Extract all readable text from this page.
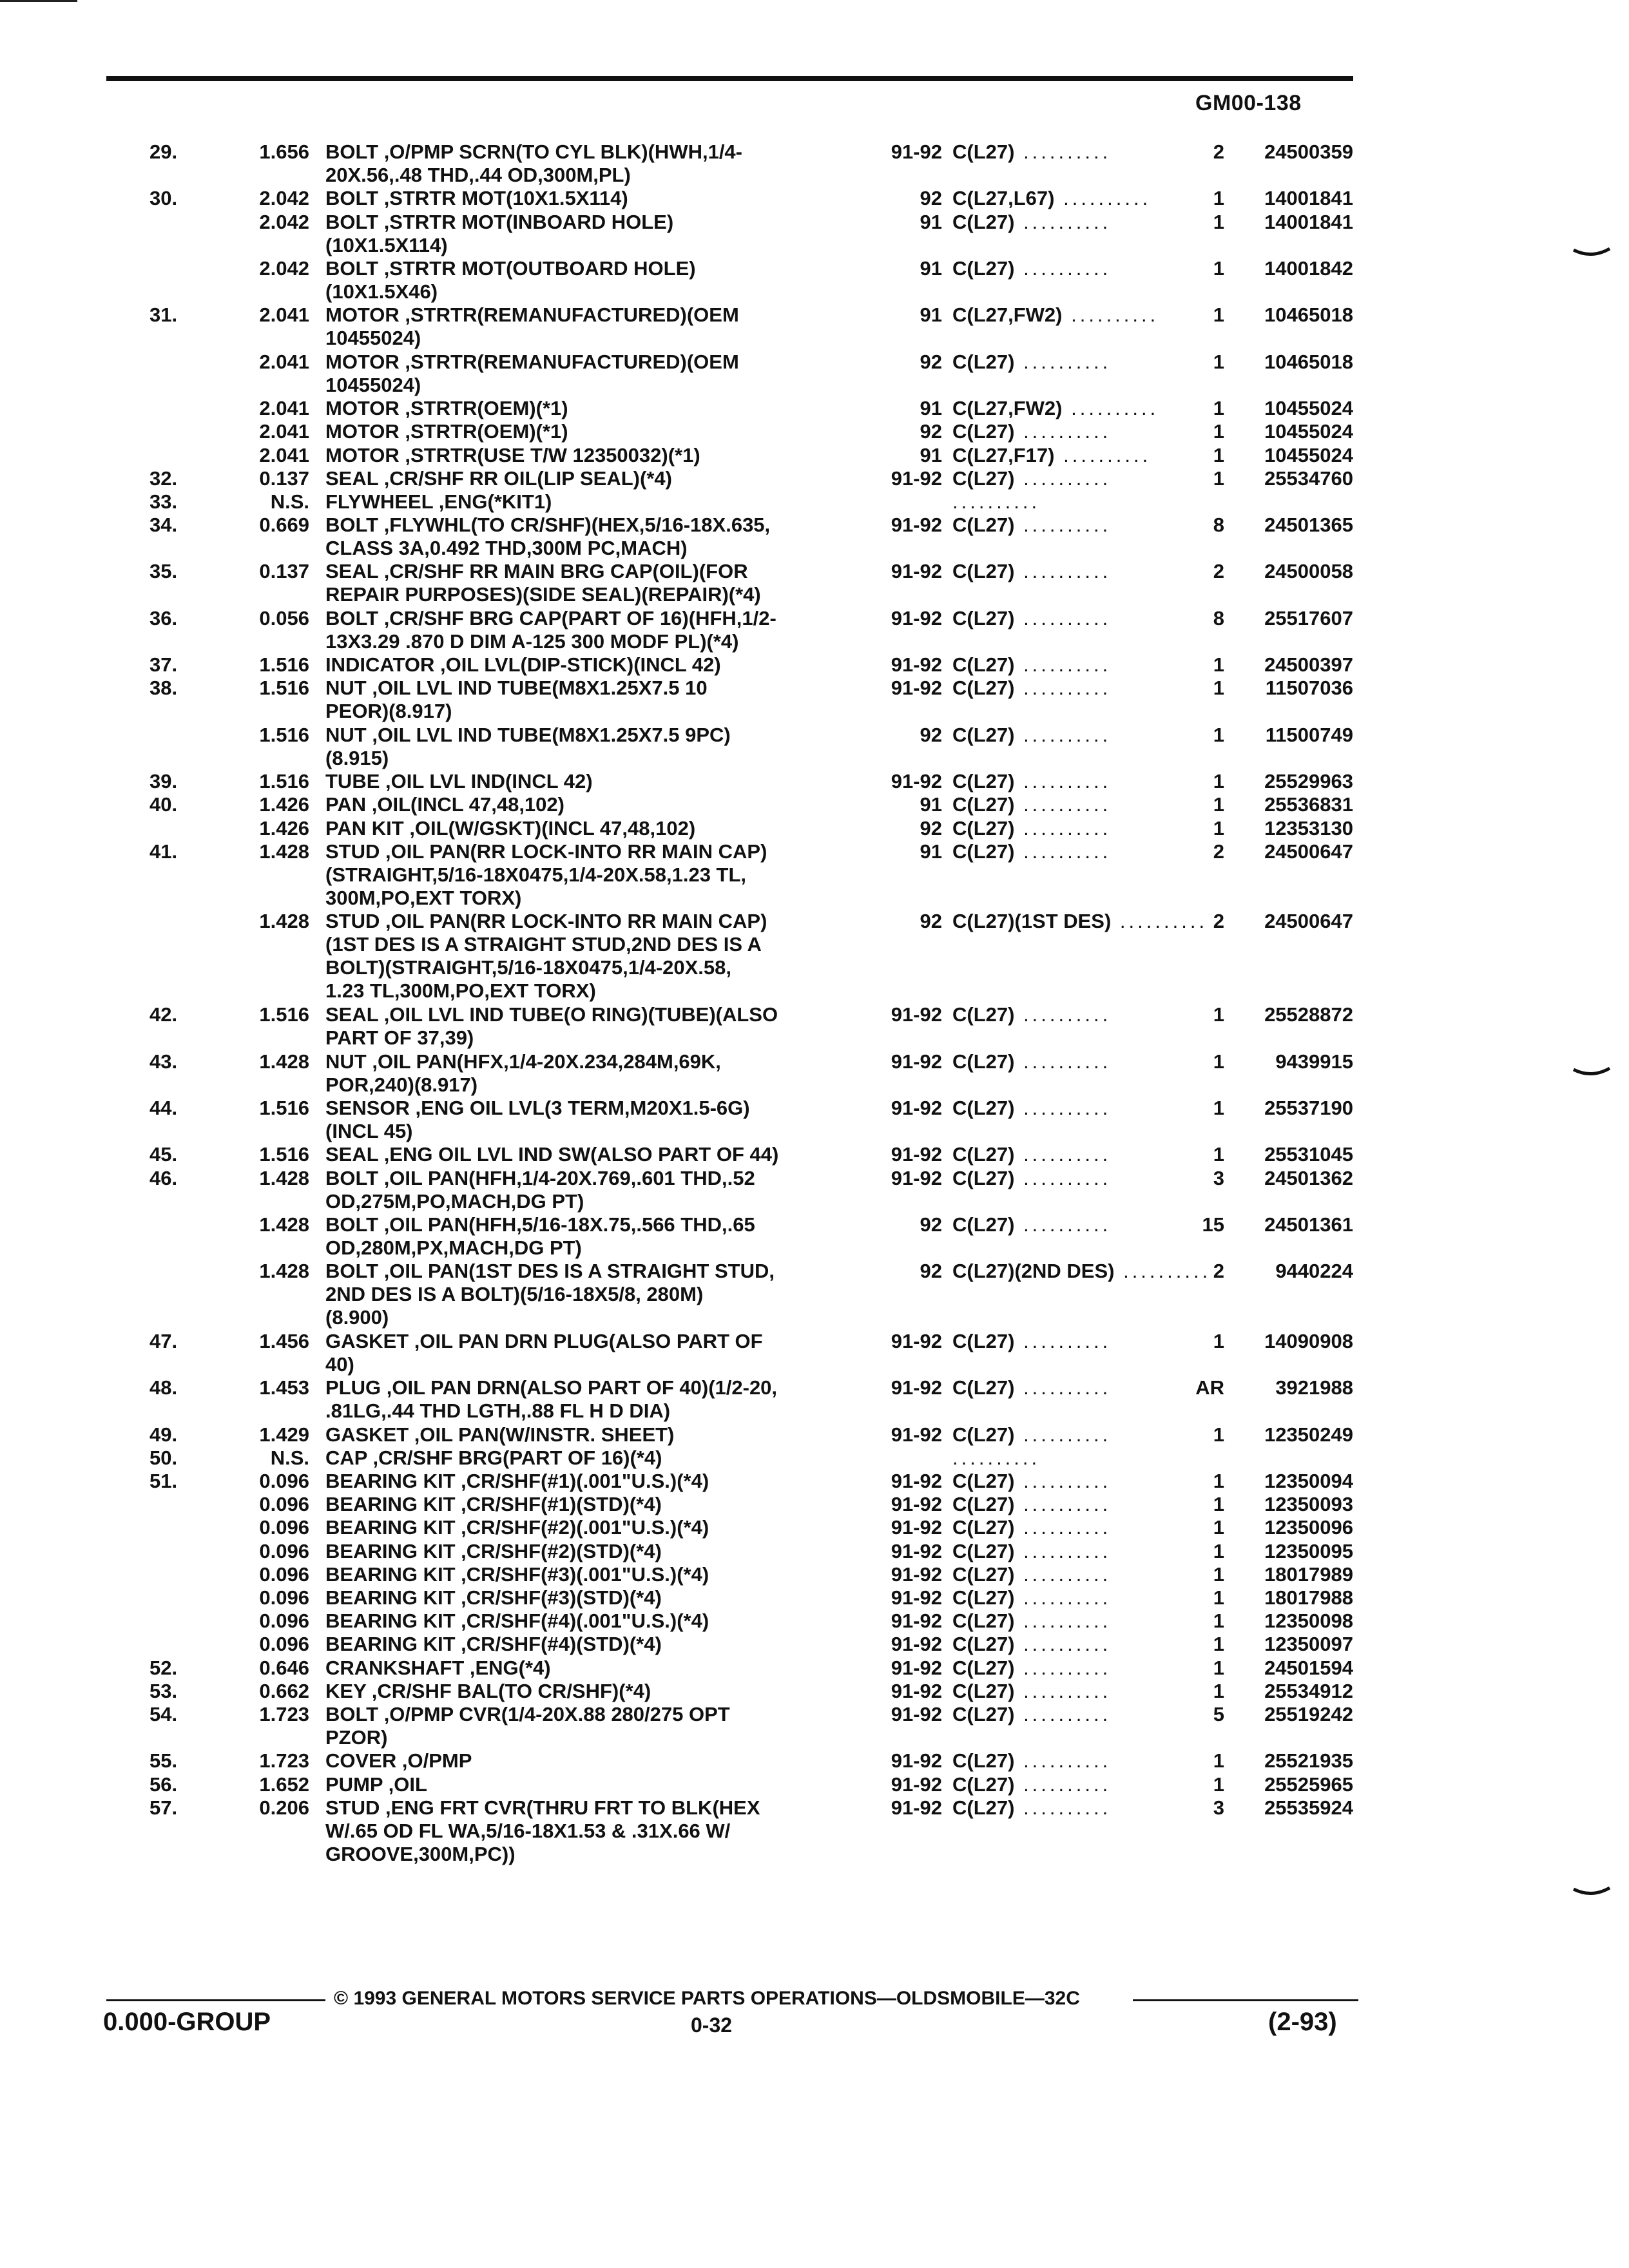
GM00-138
29.	1.656 BOLT ,O/PMP SCRN(TO CYL BLK)(HWH,1/4-
20X.56,.48 THD,.44 OD,300M,PL)
91-92 C(L27) ..........	2	24500359
30.	2.042 BOLT ,STRTR MOT(10X1.5X114)	92 C(L27,L67) ..........	1	14001841
2.042 BOLT ,STRTR MOT(INBOARD HOLE)
(10X1.5X114)
91 C(L27) ..........	1	14001841
2.042 BOLT ,STRTR MOT(OUTBOARD HOLE)
(10X1.5X46)
91 C(L27) ..........	1	14001842
31.	2.041 MOTOR ,STRTR(REMANUFACTURED)(OEM
10455024)
91 C(L27,FW2) ..........	1	10465018
2.041 MOTOR ,STRTR(REMANUFACTURED)(OEM
10455024)
92 C(L27) ..........	1	10465018
2.041 MOTOR ,STRTR(OEM)(*1)	91 C(L27,FW2) ..........	1	10455024
2.041 MOTOR ,STRTR(OEM)(*1)	92 C(L27) ..........	1	10455024
2.041 MOTOR ,STRTR(USE T/W 12350032)(*1)	91 C(L27,F17) ..........	1	10455024
32.	0.137 SEAL ,CR/SHF RR OIL(LIP SEAL)(*4)	91-92 C(L27) ..........	1	25534760
33.	N.S. FLYWHEEL ,ENG(*KIT1)	..........
34.	0.669 BOLT ,FLYWHL(TO CR/SHF)(HEX,5/16-18X.635,
CLASS 3A,0.492 THD,300M PC,MACH)
91-92 C(L27) ..........	8	24501365
35.	0.137 SEAL ,CR/SHF RR MAIN BRG CAP(OIL)(FOR
REPAIR PURPOSES)(SIDE SEAL)(REPAIR)(*4)
91-92 C(L27) ..........	2	24500058
36.	0.056 BOLT ,CR/SHF BRG CAP(PART OF 16)(HFH,1/2-
13X3.29 .870 D DIM A-125 300 MODF PL)(*4)
91-92 C(L27) ..........	8	25517607
37.	1.516 INDICATOR ,OIL LVL(DIP-STICK)(INCL 42)	91-92 C(L27) ..........	1	24500397
38.	1.516 NUT ,OIL LVL IND TUBE(M8X1.25X7.5 10
PEOR)(8.917)
91-92 C(L27) ..........	1	11507036
1.516 NUT ,OIL LVL IND TUBE(M8X1.25X7.5 9PC)
(8.915)
92 C(L27) ..........	1	11500749
39.	1.516 TUBE ,OIL LVL IND(INCL 42)	91-92 C(L27) ..........	1	25529963
40.	1.426 PAN ,OIL(INCL 47,48,102)	91 C(L27) ..........	1	25536831
1.426 PAN KIT ,OIL(W/GSKT)(INCL 47,48,102)	92 C(L27) ..........	1	12353130
41.	1.428 STUD ,OIL PAN(RR LOCK-INTO RR MAIN CAP)
(STRAIGHT,5/16-18X0475,1/4-20X.58,1.23 TL,
300M,PO,EXT TORX)
91 C(L27) ..........	2	24500647
1.428 STUD ,OIL PAN(RR LOCK-INTO RR MAIN CAP)
(1ST DES IS A STRAIGHT STUD,2ND DES IS A
BOLT)(STRAIGHT,5/16-18X0475,1/4-20X.58,
1.23 TL,300M,PO,EXT TORX)
92 C(L27)(1ST DES) .......... 2	24500647
42.	1.516 SEAL ,OIL LVL IND TUBE(O RING)(TUBE)(ALSO
PART OF 37,39)
91-92 C(L27) ..........	1	25528872
43.	1.428 NUT ,OIL PAN(HFX,1/4-20X.234,284M,69K,
POR,240)(8.917)
91-92 C(L27) ..........	1	9439915
44.	1.516 SENSOR ,ENG OIL LVL(3 TERM,M20X1.5-6G)
(INCL 45)
91-92 C(L27) ..........	1	25537190
45.	1.516 SEAL ,ENG OIL LVL IND SW(ALSO PART OF 44)	91-92 C(L27) ..........	1	25531045
46.	1.428 BOLT ,OIL PAN(HFH,1/4-20X.769,.601 THD,.52
OD,275M,PO,MACH,DG PT)
91-92 C(L27) ..........	3	24501362
1.428 BOLT ,OIL PAN(HFH,5/16-18X.75,.566 THD,.65
OD,280M,PX,MACH,DG PT)
92 C(L27) ..........	15	24501361
1.428 BOLT ,OIL PAN(1ST DES IS A STRAIGHT STUD,
2ND DES IS A BOLT)(5/16-18X5/8, 280M)
(8.900)
92 C(L27)(2ND DES) .......... 2	9440224
47.	1.456 GASKET ,OIL PAN DRN PLUG(ALSO PART OF
40)
91-92 C(L27) ..........	1	14090908
48.	1.453 PLUG ,OIL PAN DRN(ALSO PART OF 40)(1/2-20,
.81LG,.44 THD LGTH,.88 FL H D DIA)
91-92 C(L27) ..........	AR	3921988
49.	1.429 GASKET ,OIL PAN(W/INSTR. SHEET)	91-92 C(L27) ..........	1	12350249
50.	N.S. CAP ,CR/SHF BRG(PART OF 16)(*4)	..........
51.	0.096 BEARING KIT ,CR/SHF(#1)(.001"U.S.)(*4)	91-92 C(L27) ..........	1	12350094
0.096 BEARING KIT ,CR/SHF(#1)(STD)(*4)	91-92 C(L27) ..........	1	12350093
0.096 BEARING KIT ,CR/SHF(#2)(.001"U.S.)(*4)	91-92 C(L27) ..........	1	12350096
0.096 BEARING KIT ,CR/SHF(#2)(STD)(*4)	91-92 C(L27) ..........	1	12350095
0.096 BEARING KIT ,CR/SHF(#3)(.001"U.S.)(*4)	91-92 C(L27) ..........	1	18017989
0.096 BEARING KIT ,CR/SHF(#3)(STD)(*4)	91-92 C(L27) ..........	1	18017988
0.096 BEARING KIT ,CR/SHF(#4)(.001"U.S.)(*4)	91-92 C(L27) ..........	1	12350098
0.096 BEARING KIT ,CR/SHF(#4)(STD)(*4)	91-92 C(L27) ..........	1	12350097
52.	0.646 CRANKSHAFT ,ENG(*4)	91-92 C(L27) ..........	1	24501594
53.	0.662 KEY ,CR/SHF BAL(TO CR/SHF)(*4)	91-92 C(L27) ..........	1	25534912
54.	1.723 BOLT ,O/PMP CVR(1/4-20X.88 280/275 OPT
PZOR)
91-92 C(L27) ..........	5	25519242
55.	1.723 COVER ,O/PMP	91-92 C(L27) ..........	1	25521935
56.	1.652 PUMP ,OIL	91-92 C(L27) ..........	1	25525965
57.	0.206 STUD ,ENG FRT CVR(THRU FRT TO BLK(HEX
W/.65 OD FL WA,5/16-18X1.53 & .31X.66 W/
GROOVE,300M,PC))
91-92 C(L27) ..........	3	25535924
© 1993 GENERAL MOTORS SERVICE PARTS OPERATIONS—OLDSMOBILE—32C
0.000-GROUP	0-32	(2-93)
